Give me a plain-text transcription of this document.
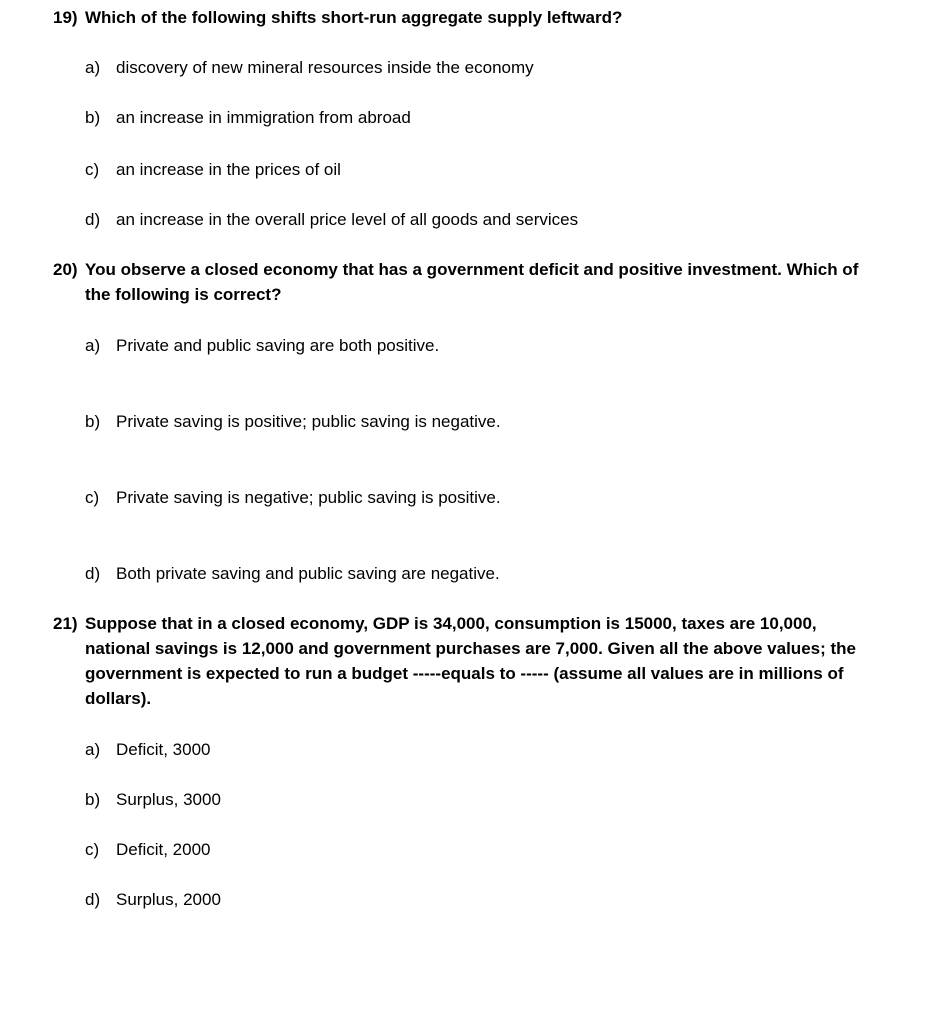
19) Which of the following shifts short-run aggregate supply leftward?
a) discovery of new mineral resources inside the economy
b) an increase in immigration from abroad
c) an increase in the prices of oil
d) an increase in the overall price level of all goods and services
20) You observe a closed economy that has a government deficit and positive investment. Which of the following is correct?
a) Private and public saving are both positive.
b) Private saving is positive; public saving is negative.
c) Private saving is negative; public saving is positive.
d) Both private saving and public saving are negative.
21) Suppose that in a closed economy, GDP is 34,000, consumption is 15000, taxes are 10,000, national savings is 12,000 and government purchases are 7,000. Given all the above values; the government is expected to run a budget -----equals to ----- (assume all values are in millions of dollars).
a) Deficit, 3000
b) Surplus, 3000
c) Deficit, 2000
d) Surplus, 2000
